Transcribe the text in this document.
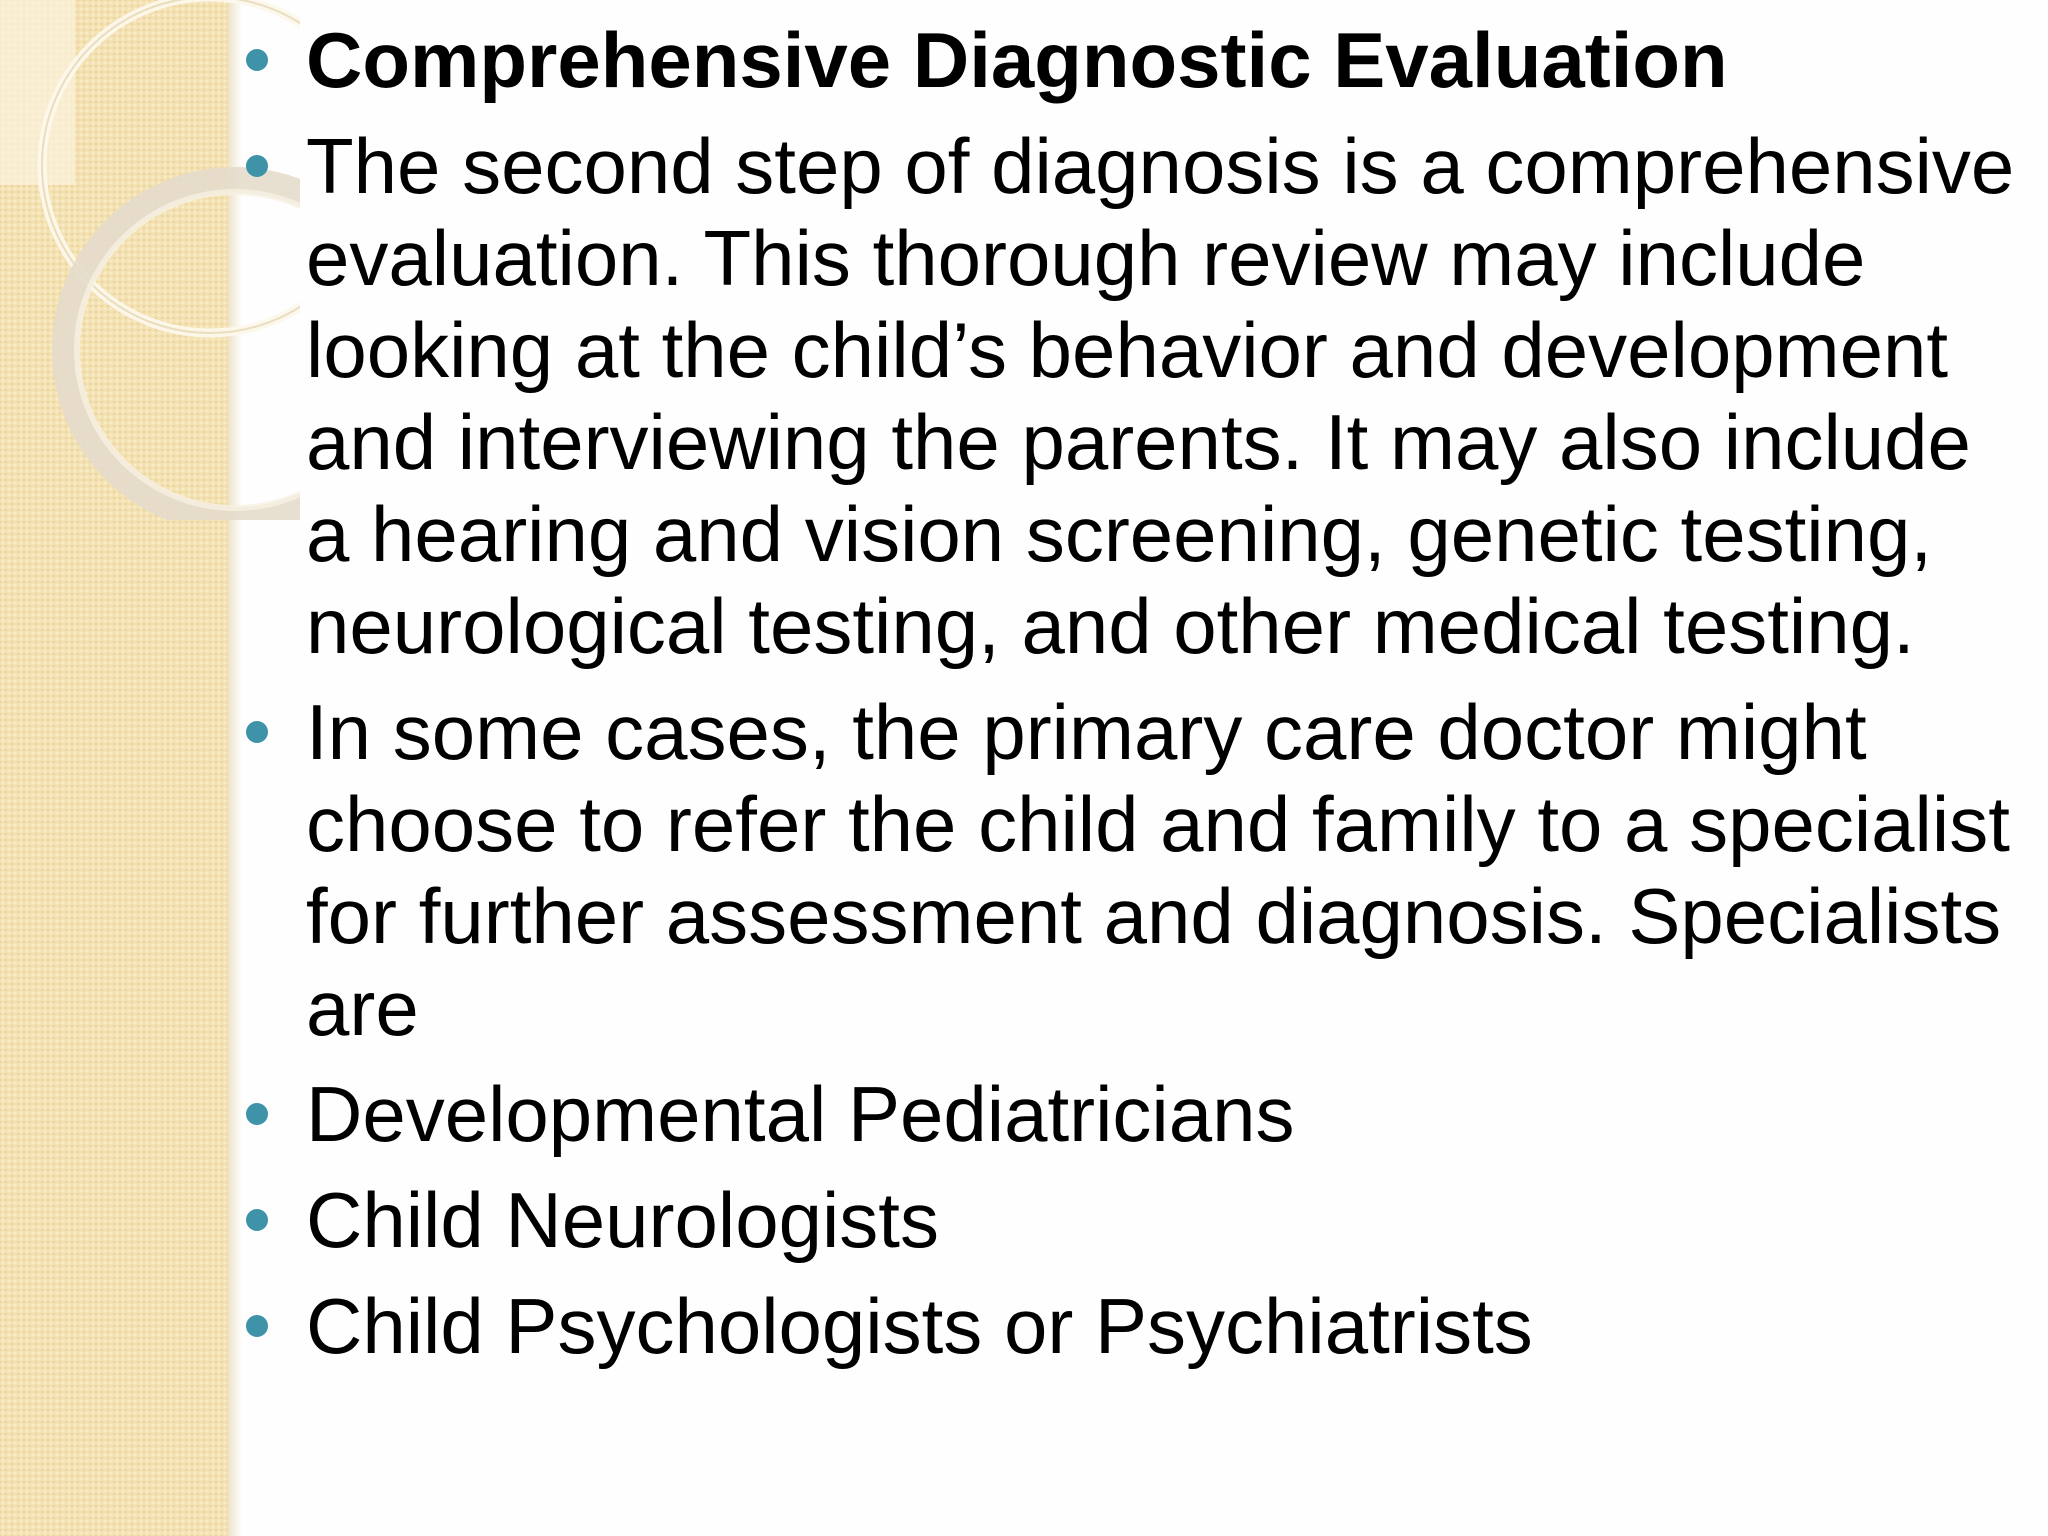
Comprehensive Diagnostic Evaluation
The second step of diagnosis is a comprehensive evaluation. This thorough review may include looking at the child’s behavior and development and interviewing the parents. It may also include a hearing and vision screening, genetic testing, neurological testing, and other medical testing.
In some cases, the primary care doctor might choose to refer the child and family to a specialist for further assessment and diagnosis. Specialists are
Developmental Pediatricians
Child Neurologists
Child Psychologists or Psychiatrists
